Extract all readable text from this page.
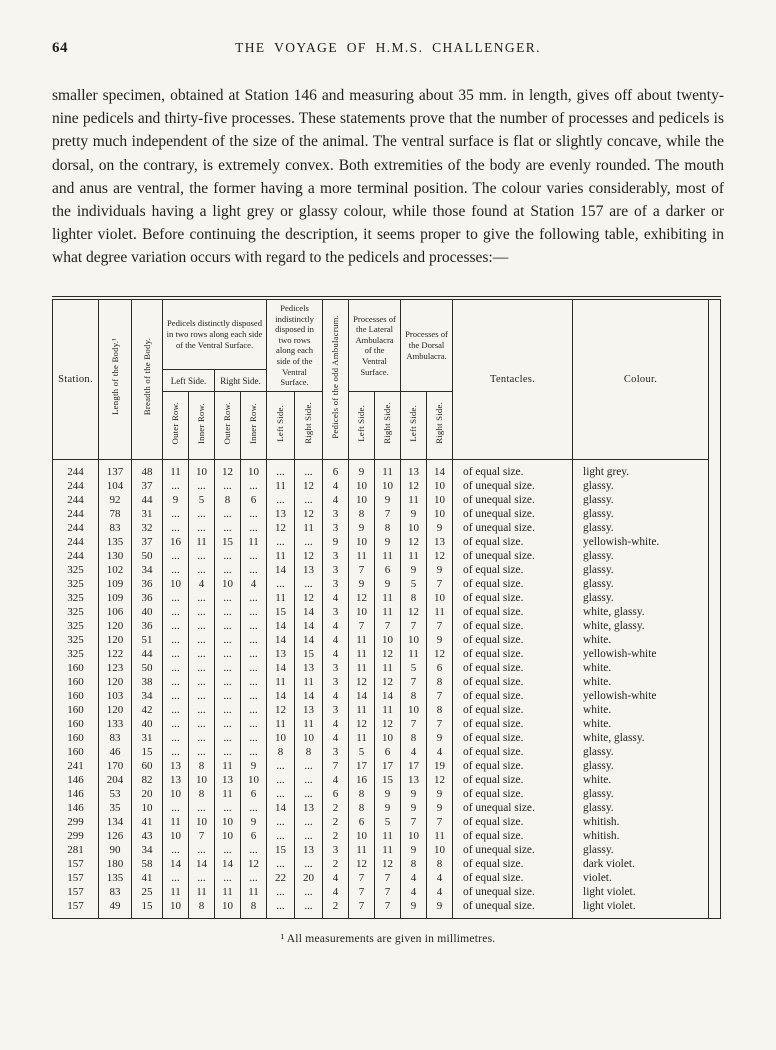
64	THE VOYAGE OF H.M.S. CHALLENGER.

smaller specimen, obtained at Station 146 and measuring about 35 mm. in length, gives off about twenty-nine pedicels and thirty-five processes. These statements prove that the number of processes and pedicels is pretty much independent of the size of the animal. The ventral surface is flat or slightly concave, while the dorsal, on the contrary, is extremely convex. Both extremities of the body are evenly rounded. The mouth and anus are ventral, the former having a more terminal position. The colour varies considerably, most of the individuals having a light grey or glassy colour, while those found at Station 157 are of a darker or lighter violet. Before continuing the description, it seems proper to give the following table, exhibiting in what degree variation occurs with regard to the pedicels and processes:—

Station.	Length of the Body.¹	Breadth of the Body.	Pedicels distinctly disposed in two rows along each side of the Ventral Surface.				Pedicels indistinctly disposed in two rows along each side of the Ventral Surface.		Pedicels of the odd Ambulacrum.	Processes of the Lateral Ambulacra of the Ventral Surface.		Processes of the Dorsal Ambulacra.		Tentacles.	Colour.	
			Left Side.		Right Side.											
			Outer Row.	Inner Row.	Outer Row.	Inner Row.	Left Side.	Right Side.		Left Side.	Right Side.	Left Side.	Right Side.			
244	137	48	11	10	12	10	...	...	6	9	11	13	14	of equal size.	light grey.	
244	104	37	...	...	...	...	11	12	4	10	10	12	10	of unequal size.	glassy.	
244	92	44	9	5	8	6	...	...	4	10	9	11	10	of unequal size.	glassy.	
244	78	31	...	...	...	...	13	12	3	8	7	9	10	of unequal size.	glassy.	
244	83	32	...	...	...	...	12	11	3	9	8	10	9	of unequal size.	glassy.	
244	135	37	16	11	15	11	...	...	9	10	9	12	13	of equal size.	yellowish-white.	
244	130	50	...	...	...	...	11	12	3	11	11	11	12	of unequal size.	glassy.	
325	102	34	...	...	...	...	14	13	3	7	6	9	9	of equal size.	glassy.	
325	109	36	10	4	10	4	...	...	3	9	9	5	7	of equal size.	glassy.	
325	109	36	...	...	...	...	11	12	4	12	11	8	10	of equal size.	glassy.	
325	106	40	...	...	...	...	15	14	3	10	11	12	11	of equal size.	white, glassy.	
325	120	36	...	...	...	...	14	14	4	7	7	7	7	of equal size.	white, glassy.	
325	120	51	...	...	...	...	14	14	4	11	10	10	9	of equal size.	white.	
325	122	44	...	...	...	...	13	15	4	11	12	11	12	of equal size.	yellowish-white	
160	123	50	...	...	...	...	14	13	3	11	11	5	6	of equal size.	white.	
160	120	38	...	...	...	...	11	11	3	12	12	7	8	of equal size.	white.	
160	103	34	...	...	...	...	14	14	4	14	14	8	7	of equal size.	yellowish-white	
160	120	42	...	...	...	...	12	13	3	11	11	10	8	of equal size.	white.	
160	133	40	...	...	...	...	11	11	4	12	12	7	7	of equal size.	white.	
160	83	31	...	...	...	...	10	10	4	11	10	8	9	of equal size.	white, glassy.	
160	46	15	...	...	...	...	8	8	3	5	6	4	4	of equal size.	glassy.	
241	170	60	13	8	11	9	...	...	7	17	17	17	19	of equal size.	glassy.	
146	204	82	13	10	13	10	...	...	4	16	15	13	12	of equal size.	white.	
146	53	20	10	8	11	6	...	...	6	8	9	9	9	of equal size.	glassy.	
146	35	10	...	...	...	...	14	13	2	8	9	9	9	of unequal size.	glassy.	
299	134	41	11	10	10	9	...	...	2	6	5	7	7	of equal size.	whitish.	
299	126	43	10	7	10	6	...	...	2	10	11	10	11	of equal size.	whitish.	
281	90	34	...	...	...	...	15	13	3	11	11	9	10	of unequal size.	glassy.	
157	180	58	14	14	14	12	...	...	2	12	12	8	8	of equal size.	dark violet.	
157	135	41	...	...	...	...	22	20	4	7	7	4	4	of equal size.	violet.	
157	83	25	11	11	11	11	...	...	4	7	7	4	4	of unequal size.	light violet.	
157	49	15	10	8	10	8	...	...	2	7	7	9	9	of unequal size.	light violet.	
¹ All measurements are given in millimetres.
